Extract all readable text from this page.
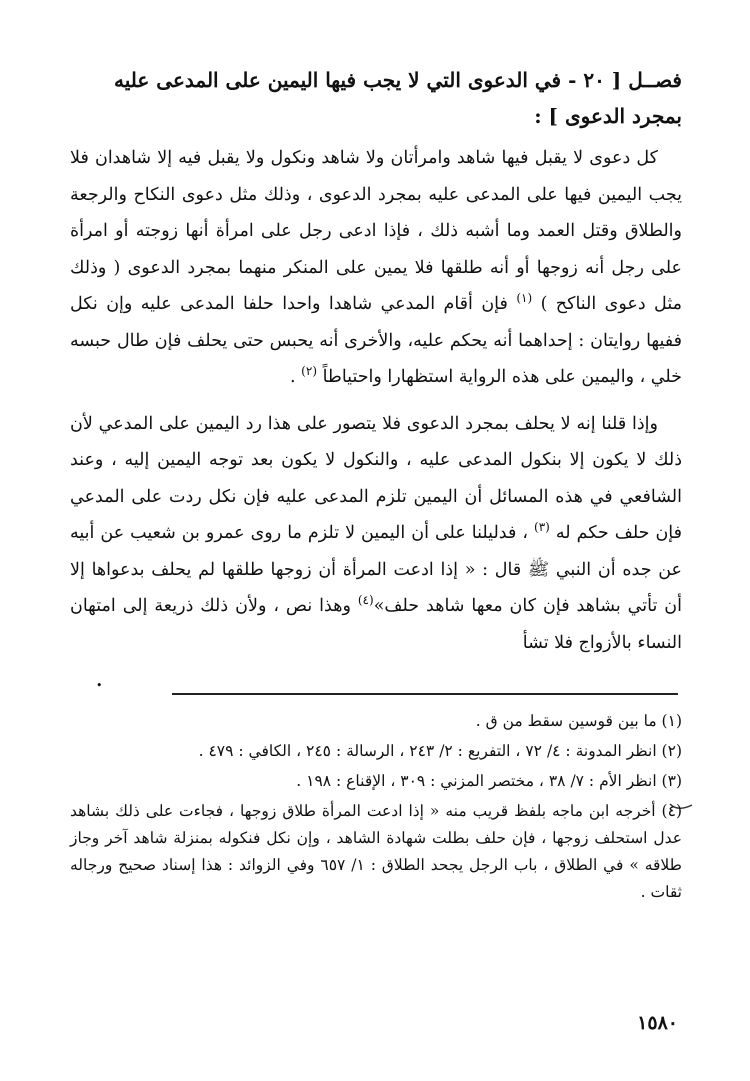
فصــل [ ٢٠ - في الدعوى التي لا يجب فيها اليمين على المدعى عليه بمجرد الدعوى ] :

كل دعوى لا يقبل فيها شاهد وامرأتان ولا شاهد ونكول ولا يقبل فيه إلا شاهدان فلا يجب اليمين فيها على المدعى عليه بمجرد الدعوى ، وذلك مثل دعوى النكاح والرجعة والطلاق وقتل العمد وما أشبه ذلك ، فإذا ادعى رجل على امرأة أنها زوجته أو امرأة على رجل أنه زوجها أو أنه طلقها فلا يمين على المنكر منهما بمجرد الدعوى ( وذلك مثل دعوى الناكح ) $^{(١)}$ فإن أقام المدعي شاهدا واحدا حلفا المدعى عليه وإن نكل ففيها روايتان : إحداهما أنه يحكم عليه، والأخرى أنه يحبس حتى يحلف فإن طال حبسه خلي ، واليمين على هذه الرواية استظهارا واحتياطاً $^{(٢)}$ .

وإذا قلنا إنه لا يحلف بمجرد الدعوى فلا يتصور على هذا رد اليمين على المدعي لأن ذلك لا يكون إلا بنكول المدعى عليه ، والنكول لا يكون بعد توجه اليمين إليه ، وعند الشافعي في هذه المسائل أن اليمين تلزم المدعى عليه فإن نكل ردت على المدعي فإن حلف حكم له $^{(٣)}$ ، فدليلنا على أن اليمين لا تلزم ما روى عمرو بن شعيب عن أبيه عن جده أن النبي ﷺ قال : « إذا ادعت المرأة أن زوجها طلقها لم يحلف بدعواها إلا أن تأتي بشاهد فإن كان معها شاهد حلف»$^{(٤)}$ وهذا نص ، ولأن ذلك ذريعة إلى امتهان النساء بالأزواج فلا تشأ

•

(١) ما بين قوسين سقط من ق .

(٢) انظر المدونة : ٤/ ٧٢ ، التفريع : ٢/ ٢٤٣ ، الرسالة : ٢٤٥ ، الكافي : ٤٧٩ .

(٣) انظر الأم : ٧/ ٣٨ ، مختصر المزني : ٣٠٩ ، الإقناع : ١٩٨ .

(٤) أخرجه ابن ماجه بلفظ قريب منه « إذا ادعت المرأة طلاق زوجها ، فجاءت على ذلك بشاهد عدل استحلف زوجها ، فإن حلف بطلت شهادة الشاهد ، وإن نكل فنكوله بمنزلة شاهد آخر وجاز طلاقه » في الطلاق ، باب الرجل يجحد الطلاق : ١/ ٦٥٧ وفي الزوائد : هذا إسناد صحيح ورجاله ثقات .

١٥٨٠
